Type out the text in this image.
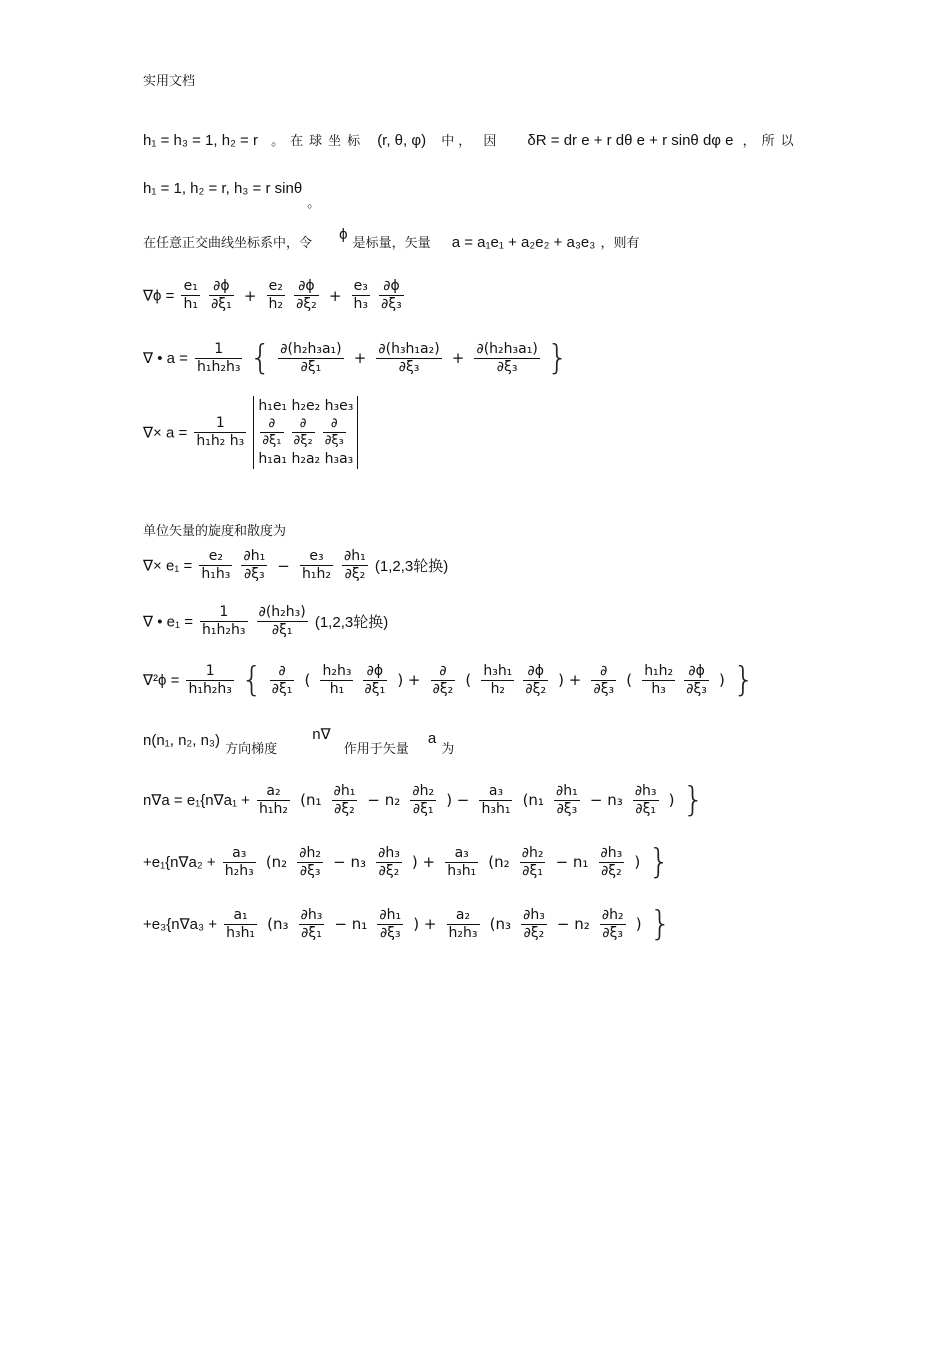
实用文档
h₁ = h₃ = 1, h₂ = r 。在球坐标 (r, θ, φ) 中， 因 δR = dr e + r dθ e + r sinθ dφ e ，所以
h₁ = 1, h₂ = r, h₃ = r sinθ $_。$
在任意正交曲线坐标系中，令 ϕ 是标量，矢量 a = a₁e₁ + a₂e₂ + a₃e₃ ，则有
$\nabla\phi = \frac{\text{e₁}}{\text{h₁}}$
$\frac{\partial\phi}{\text{∂ξ₁}} + \frac{\text{e₂}}{\text{h₂}}$
$\frac{\partial\phi}{\text{∂ξ₂}} + \frac{\text{e₃}}{\text{h₃}}$
$\frac{\partial\phi}{\text{∂ξ₃}}$
∇ • $a = \frac{1}{\text{h₁h₂h₃}}$ { $\frac{\text{∂(h₂h₃a₁)}}{\text{∂ξ₁}} + \frac{\text{∂(h₃h₁a₂)}}{\text{∂ξ₃}} + \frac{\text{∂(h₂h₃a₁)}}{\text{∂ξ₃}}$ }
∇× $a = \frac{1}{\text{h₁h₂ h₃}}$

h₁e₁ h₂e₂ h₃e₃
$\frac{\partial}{\text{∂ξ₁}} \frac{\partial}{\text{∂ξ₂}} \frac{\partial}{\text{∂ξ₃}}$
h₁a₁ h₂a₂ h₃a₃
单位矢量的旋度和散度为
∇× $e_1 = \frac{\text{e₂}}{\text{h₁h₃}}$
$\frac{\text{∂h₁}}{\text{∂ξ₃}} - \frac{\text{e₃}}{\text{h₁h₂}}$
$\frac{\text{∂h₁}}{\text{∂ξ₂}} (1,2,3$轮换)
∇ • $e_1 = \frac{1}{\text{h₁h₂h₃}}$
$\frac{\text{∂(h₂h₃)}}{\text{∂ξ₁}} (1,2,3$轮换)
$\nabla^2\phi = \frac{1}{\text{h₁h₂h₃}}$ { $\frac{\partial}{\text{∂ξ₁}}$ ( $\frac{\text{h₂h₃}}{\text{h₁}}$
$\frac{\partial\phi}{\text{∂ξ₁}}$ ) + $\frac{\partial}{\text{∂ξ₂}}$ ( $\frac{\text{h₃h₁}}{\text{h₂}}$
$\frac{\partial\phi}{\text{∂ξ₂}}$ ) + $\frac{\partial}{\text{∂ξ₃}}$ ( $\frac{\text{h₁h₂}}{\text{h₃}}$
$\frac{\partial\phi}{\text{∂ξ₃}}$ ) }
n(n₁, n₂, n₃) $_{方向梯度}$ n∇ $_{作用于矢量}$ a $_为$
$n\nabla a = e_1\{n\nabla a_1 + \frac{\text{a₂}}{\text{h₁h₂}} (n_1 \frac{\text{∂h₁}}{\text{∂ξ₂}} - n_2 \frac{\text{∂h₂}}{\text{∂ξ₁}}$ ) − $\frac{\text{a₃}}{\text{h₃h₁}} (n_1 \frac{\text{∂h₁}}{\text{∂ξ₃}} - n_3 \frac{\text{∂h₃}}{\text{∂ξ₁}}$ ) }
$+e_1\{n\nabla a_2 + \frac{\text{a₃}}{\text{h₂h₃}} (n_2 \frac{\text{∂h₂}}{\text{∂ξ₃}} - n_3 \frac{\text{∂h₃}}{\text{∂ξ₂}}$ ) + $\frac{\text{a₃}}{\text{h₃h₁}} (n_2 \frac{\text{∂h₂}}{\text{∂ξ₁}} - n_1 \frac{\text{∂h₃}}{\text{∂ξ₂}}$ ) }
$+e_3\{n\nabla a_3 + \frac{\text{a₁}}{\text{h₃h₁}} (n_3 \frac{\text{∂h₃}}{\text{∂ξ₁}} - n_1 \frac{\text{∂h₁}}{\text{∂ξ₃}}$ ) + $\frac{\text{a₂}}{\text{h₂h₃}} (n_3 \frac{\text{∂h₃}}{\text{∂ξ₂}} - n_2 \frac{\text{∂h₂}}{\text{∂ξ₃}}$ ) }
